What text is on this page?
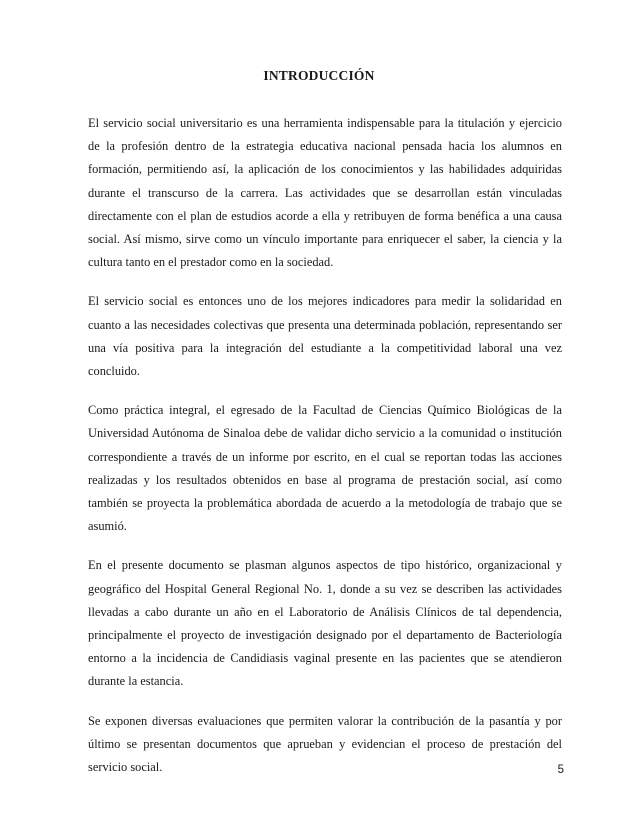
INTRODUCCIÓN

El servicio social universitario es una herramienta indispensable para la titulación y ejercicio de la profesión dentro de la estrategia educativa nacional pensada hacia los alumnos en formación, permitiendo así, la aplicación de los conocimientos y las habilidades adquiridas durante el transcurso de la carrera. Las actividades que se desarrollan están vinculadas directamente con el plan de estudios acorde a ella y retribuyen de forma benéfica a una causa social. Así mismo, sirve como un vínculo importante para enriquecer el saber, la ciencia y la cultura tanto en el prestador como en la sociedad.

El servicio social es entonces uno de los mejores indicadores para medir la solidaridad en cuanto a las necesidades colectivas que presenta una determinada población, representando ser una vía positiva para la integración del estudiante a la competitividad laboral una vez concluido.

Como práctica integral, el egresado de la Facultad de Ciencias Químico Biológicas de la Universidad Autónoma de Sinaloa debe de validar dicho servicio a la comunidad o institución correspondiente a través de un informe por escrito, en el cual se reportan todas las acciones realizadas y los resultados obtenidos en base al programa de prestación social, así como también se proyecta la problemática abordada de acuerdo a la metodología de trabajo que se asumió.

En el presente documento se plasman algunos aspectos de tipo histórico, organizacional y geográfico del Hospital General Regional No. 1, donde a su vez se describen las actividades llevadas a cabo durante un año en el Laboratorio de Análisis Clínicos de tal dependencia, principalmente el proyecto de investigación designado por el departamento de Bacteriología entorno a la incidencia de Candidiasis vaginal presente en las pacientes que se atendieron durante la estancia.

Se exponen diversas evaluaciones que permiten valorar la contribución de la pasantía y por último se presentan documentos que aprueban y evidencian el proceso de prestación del servicio social.	5
